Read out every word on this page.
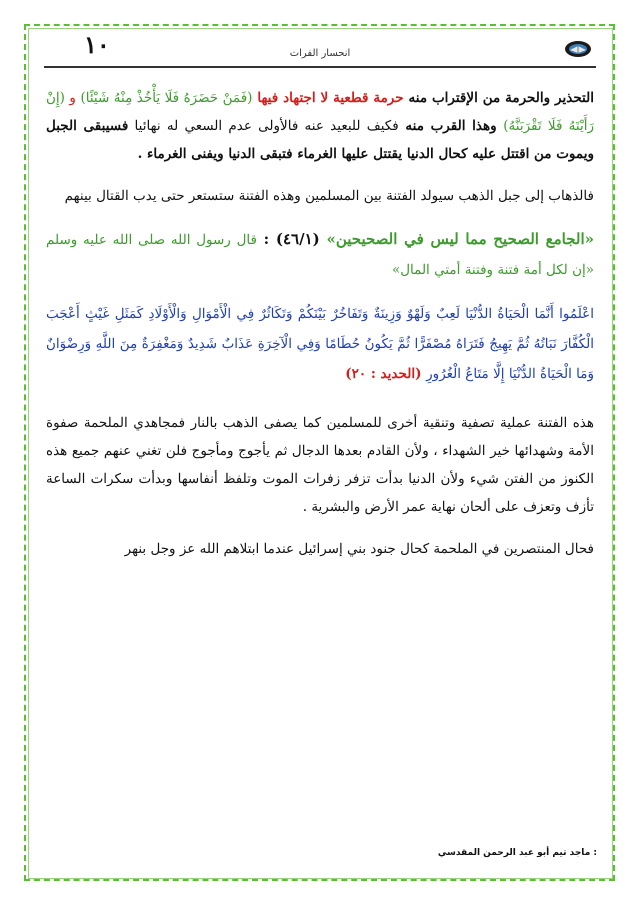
١٠	انحسار الفرات

التحذير والحرمة من الإقتراب منه حرمة قطعية لا اجتهاد فيها (فَمَنْ حَضَرَهُ فَلَا يَأْخُذْ مِنْهُ شَيْئًا) و (إِنْ رَأَيْتَهُ فَلَا تَقْرَبَنَّهُ) وهذا القرب منه فكيف للبعيد عنه فالأولى عدم السعي له نهائيا فسيبقى الجبل ويموت من اقتتل عليه كحال الدنيا يقتتل عليها الغرماء فتبقى الدنيا ويفنى الغرماء .

فالذهاب إلى جبل الذهب سيولد الفتنة بين المسلمين وهذه الفتنة ستستعر حتى يدب القتال بينهم

«الجامع الصحيح مما ليس في الصحيحين» (٤٦/١) : قال رسول الله صلى الله عليه وسلم «إن لكل أمة فتنة وفتنة أمتي المال»

اعْلَمُوا أَنَّمَا الْحَيَاةُ الدُّنْيَا لَعِبٌ وَلَهْوٌ وَزِينَةٌ وَتَفَاخُرٌ بَيْنَكُمْ وَتَكَاثُرٌ فِي الْأَمْوَالِ وَالْأَوْلَادِ كَمَثَلِ غَيْثٍ أَعْجَبَ الْكُفَّارَ نَبَاتُهُ ثُمَّ يَهِيجُ فَتَرَاهُ مُصْفَرًّا ثُمَّ يَكُونُ حُطَامًا وَفِي الْآخِرَةِ عَذَابٌ شَدِيدٌ وَمَغْفِرَةٌ مِنَ اللَّهِ وَرِضْوَانٌ وَمَا الْحَيَاةُ الدُّنْيَا إِلَّا مَتَاعُ الْغُرُورِ (الحديد : ٢٠)

هذه الفتنة عملية تصفية وتنقية أخرى للمسلمين كما يصفى الذهب بالنار فمجاهدي الملحمة صفوة الأمة وشهدائها خير الشهداء ، ولأن القادم بعدها الدجال ثم يأجوج ومأجوج فلن تغني عنهم جميع هذه الكنوز من الفتن شيء ولأن الدنيا بدأت تزفر زفرات الموت وتلفظ أنفاسها وبدأت سكرات الساعة تأزف وتعزف على ألحان نهاية عمر الأرض والبشرية .

فحال المنتصرين في الملحمة كحال جنود بني إسرائيل عندما ابتلاهم الله عز وجل بنهر

: ماجد تيم أبو عبد الرحمن المقدسي
